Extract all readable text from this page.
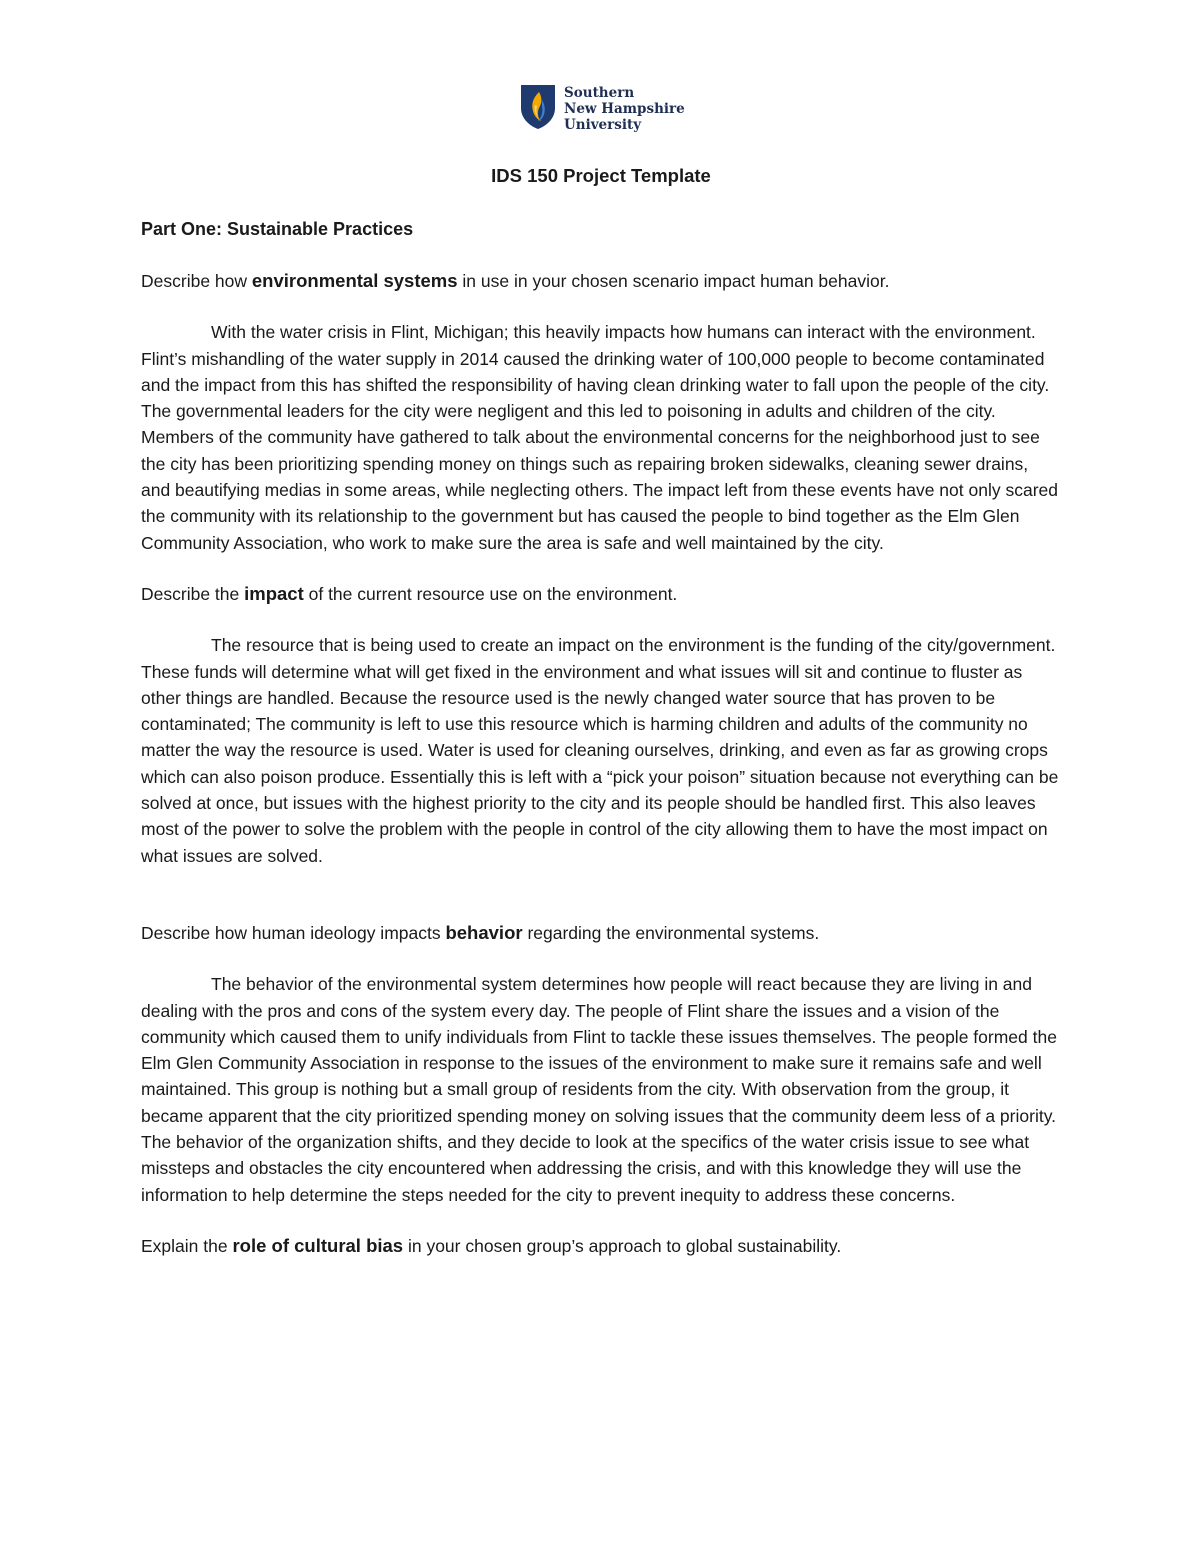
Southern
New Hampshire
University
IDS 150 Project Template
Part One: Sustainable Practices
Describe how environmental systems in use in your chosen scenario impact human behavior.
With the water crisis in Flint, Michigan; this heavily impacts how humans can interact with the environment. Flint’s mishandling of the water supply in 2014 caused the drinking water of 100,000 people to become contaminated and the impact from this has shifted the responsibility of having clean drinking water to fall upon the people of the city. The governmental leaders for the city were negligent and this led to poisoning in adults and children of the city. Members of the community have gathered to talk about the environmental concerns for the neighborhood just to see the city has been prioritizing spending money on things such as repairing broken sidewalks, cleaning sewer drains, and beautifying medias in some areas, while neglecting others. The impact left from these events have not only scared the community with its relationship to the government but has caused the people to bind together as the Elm Glen Community Association, who work to make sure the area is safe and well maintained by the city.
Describe the impact of the current resource use on the environment.
The resource that is being used to create an impact on the environment is the funding of the city/government. These funds will determine what will get fixed in the environment and what issues will sit and continue to fluster as other things are handled. Because the resource used is the newly changed water source that has proven to be contaminated; The community is left to use this resource which is harming children and adults of the community no matter the way the resource is used. Water is used for cleaning ourselves, drinking, and even as far as growing crops which can also poison produce. Essentially this is left with a “pick your poison” situation because not everything can be solved at once, but issues with the highest priority to the city and its people should be handled first. This also leaves most of the power to solve the problem with the people in control of the city allowing them to have the most impact on what issues are solved.
Describe how human ideology impacts behavior regarding the environmental systems.
The behavior of the environmental system determines how people will react because they are living in and dealing with the pros and cons of the system every day. The people of Flint share the issues and a vision of the community which caused them to unify individuals from Flint to tackle these issues themselves. The people formed the Elm Glen Community Association in response to the issues of the environment to make sure it remains safe and well maintained. This group is nothing but a small group of residents from the city. With observation from the group, it became apparent that the city prioritized spending money on solving issues that the community deem less of a priority. The behavior of the organization shifts, and they decide to look at the specifics of the water crisis issue to see what missteps and obstacles the city encountered when addressing the crisis, and with this knowledge they will use the information to help determine the steps needed for the city to prevent inequity to address these concerns.
Explain the role of cultural bias in your chosen group’s approach to global sustainability.
